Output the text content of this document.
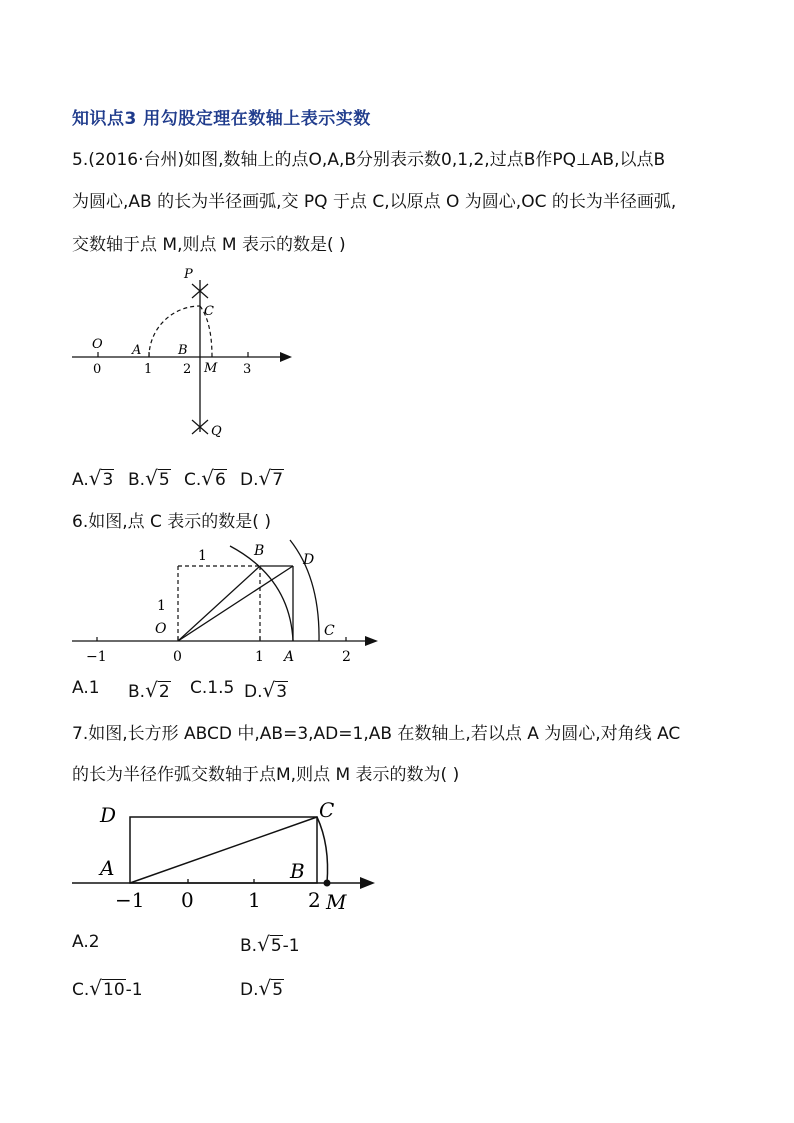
知识点3 用勾股定理在数轴上表示实数
5.(2016·台州)如图,数轴上的点O,A,B分别表示数0,1,2,过点B作PQ⊥AB,以点B
为圆心,AB 的长为半径画弧,交 PQ 于点 C,以原点 O 为圆心,OC 的长为半径画弧,
交数轴于点 M,则点 M 表示的数是( )
O A	B
P
C
M
Q
0	1 2	3
A.√3 B.√5 C.√6 D.√7
6.如图,点 C 表示的数是( )
1
1
B
D
O	C
A
−1	0	1	2
A.1 B.√2 C.1.5 D.√3
7.如图,长方形 ABCD 中,AB=3,AD=1,AB 在数轴上,若以点 A 为圆心,对角线 AC
的长为半径作弧交数轴于点M,则点 M 表示的数为( )
D	C
A	B
M
−1 0	1 2
A.2	B.√5-1
C.√10-1	D.√5
